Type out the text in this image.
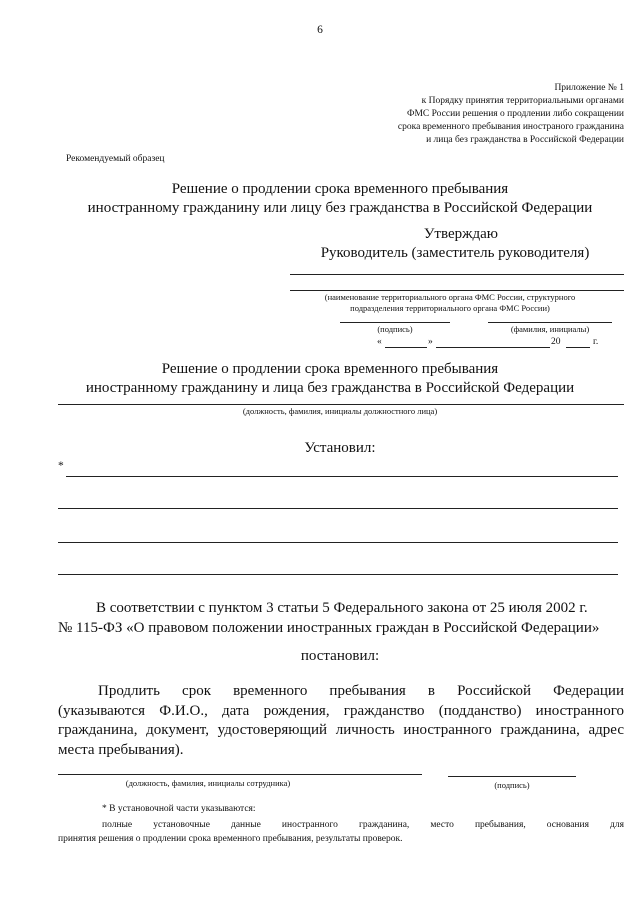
6
Приложение № 1
к Порядку принятия территориальными органами
ФМС России решения о продлении либо сокращении
срока временного пребывания иностраного гражданина
и лица без гражданства в Российской Федерации
Рекомендуемый образец
Решение о продлении срока временного пребывания
иностранному гражданину или лицу без гражданства в Российской Федерации
Утверждаю
Руководитель (заместитель руководителя)
(наименование территориального органа ФМС России, структурного
подразделения территориального органа ФМС России)
(подпись)	(фамилия, инициалы)
«	»	20	г.
Решение о продлении срока временного пребывания
иностранному гражданину и лица без гражданства в Российской Федерации
(должность, фамилия, инициалы должностного лица)
Установил:
*
В соответствии с пунктом 3 статьи 5 Федерального закона от 25 июля 2002 г.
№ 115-ФЗ «О правовом положении иностранных граждан в Российской Федерации»
постановил:
Продлить срок временного пребывания в Российской Федерации
(указываются Ф.И.О., дата рождения, гражданство (подданство) иностранного
гражданина, документ, удостоверяющий личность иностранного гражданина, адрес
места пребывания).
(должность, фамилия, инициалы сотрудника)	(подпись)
* В установочной части указываются:
полные установочные данные иностранного гражданина, место пребывания, основания для
принятия решения о продлении срока временного пребывания, результаты проверок.
